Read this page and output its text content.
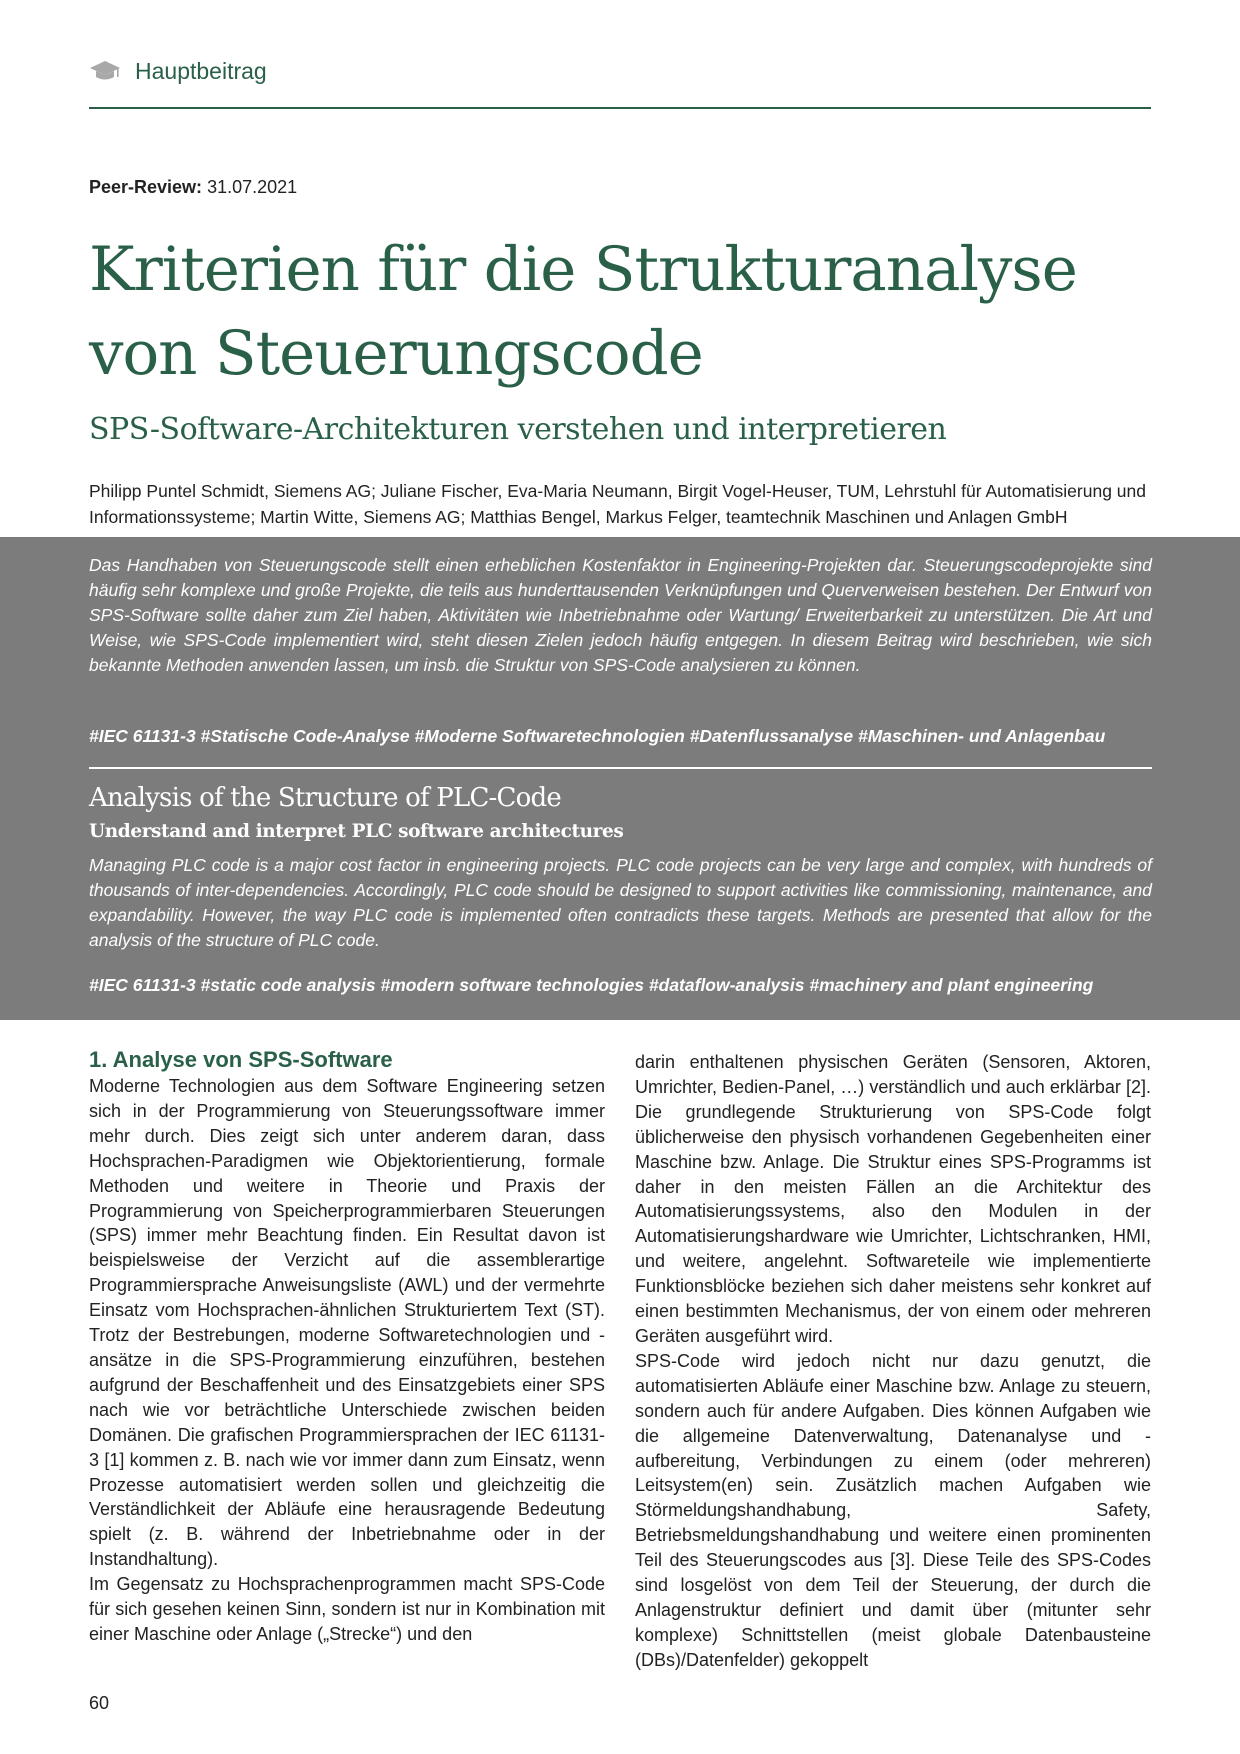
Hauptbeitrag
Peer-Review: 31.07.2021
Kriterien für die Strukturanalyse
von Steuerungscode
SPS-Software-Architekturen verstehen und interpretieren
Philipp Puntel Schmidt, Siemens AG; Juliane Fischer, Eva-Maria Neumann, Birgit Vogel-Heuser, TUM, Lehrstuhl für Automatisierung und Informationssysteme; Martin Witte, Siemens AG; Matthias Bengel, Markus Felger, teamtechnik Maschinen und Anlagen GmbH

Das Handhaben von Steuerungscode stellt einen erheblichen Kostenfaktor in Engineering-Projekten dar. Steuerungscodeprojekte sind häufig sehr komplexe und große Projekte, die teils aus hunderttausenden Verknüpfungen und Querverweisen bestehen. Der Entwurf von SPS-Software sollte daher zum Ziel haben, Aktivitäten wie Inbetriebnahme oder Wartung/ Erweiterbarkeit zu unterstützen. Die Art und Weise, wie SPS-Code implementiert wird, steht diesen Zielen jedoch häufig entgegen. In diesem Beitrag wird beschrieben, wie sich bekannte Methoden anwenden lassen, um insb. die Struktur von SPS-Code analysieren zu können.

#IEC 61131-3 #Statische Code-Analyse #Moderne Softwaretechnologien #Datenflussanalyse #Maschinen- und Anlagenbau
Analysis of the Structure of PLC-Code
Understand and interpret PLC software architectures

Managing PLC code is a major cost factor in engineering projects. PLC code projects can be very large and complex, with hundreds of thousands of inter-dependencies. Accordingly, PLC code should be designed to support activities like commissioning, maintenance, and expandability. However, the way PLC code is implemented often contradicts these targets. Methods are presented that allow for the analysis of the structure of PLC code.

#IEC 61131-3 #static code analysis #modern software technologies #dataflow-analysis #machinery and plant engineering
1. Analyse von SPS-Software

Moderne Technologien aus dem Software Engineering setzen sich in der Programmierung von Steuerungssoftware immer mehr durch. Dies zeigt sich unter anderem daran, dass Hochsprachen-Paradigmen wie Objektorientierung, formale Methoden und weitere in Theorie und Praxis der Programmierung von Speicherprogrammierbaren Steuerungen (SPS) immer mehr Beachtung finden. Ein Resultat davon ist beispielsweise der Verzicht auf die assemblerartige Programmiersprache Anweisungsliste (AWL) und der vermehrte Einsatz vom Hochsprachen-ähnlichen Strukturiertem Text (ST). Trotz der Bestrebungen, moderne Softwaretechnologien und -ansätze in die SPS-Programmierung einzuführen, bestehen aufgrund der Beschaffenheit und des Einsatzgebiets einer SPS nach wie vor beträchtliche Unterschiede zwischen beiden Domänen. Die grafischen Programmiersprachen der IEC 61131-3 [1] kommen z. B. nach wie vor immer dann zum Einsatz, wenn Prozesse automatisiert werden sollen und gleichzeitig die Verständlichkeit der Abläufe eine herausragende Bedeutung spielt (z. B. während der Inbetriebnahme oder in der Instandhaltung).

Im Gegensatz zu Hochsprachenprogrammen macht SPS-Code für sich gesehen keinen Sinn, sondern ist nur in Kombination mit einer Maschine oder Anlage („Strecke“) und den

darin enthaltenen physischen Geräten (Sensoren, Aktoren, Umrichter, Bedien-Panel, …) verständlich und auch erklärbar [2]. Die grundlegende Strukturierung von SPS-Code folgt üblicherweise den physisch vorhandenen Gegebenheiten einer Maschine bzw. Anlage. Die Struktur eines SPS-Programms ist daher in den meisten Fällen an die Architektur des Automatisierungssystems, also den Modulen in der Automatisierungshardware wie Umrichter, Lichtschranken, HMI, und weitere, angelehnt. Softwareteile wie implementierte Funktionsblöcke beziehen sich daher meistens sehr konkret auf einen bestimmten Mechanismus, der von einem oder mehreren Geräten ausgeführt wird.

SPS-Code wird jedoch nicht nur dazu genutzt, die automatisierten Abläufe einer Maschine bzw. Anlage zu steuern, sondern auch für andere Aufgaben. Dies können Aufgaben wie die allgemeine Datenverwaltung, Datenanalyse und -aufbereitung, Verbindungen zu einem (oder mehreren) Leitsystem(en) sein. Zusätzlich machen Aufgaben wie Störmeldungshandhabung, Safety, Betriebsmeldungshandhabung und weitere einen prominenten Teil des Steuerungscodes aus [3]. Diese Teile des SPS-Codes sind losgelöst von dem Teil der Steuerung, der durch die Anlagenstruktur definiert und damit über (mitunter sehr komplexe) Schnittstellen (meist globale Datenbausteine (DBs)/Datenfelder) gekoppelt

60
